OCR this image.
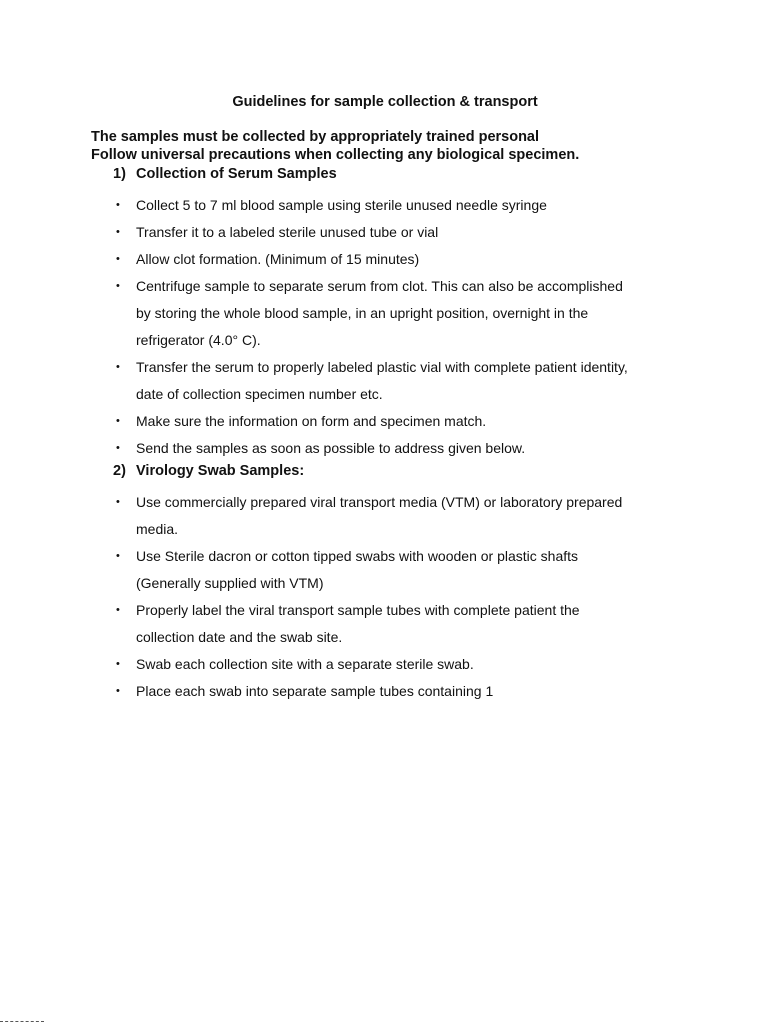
Guidelines for sample collection & transport

The samples must be collected by appropriately trained personal

Follow universal precautions when collecting any biological specimen.

1) Collection of Serum Samples
• Collect 5 to 7 ml blood sample using sterile unused needle syringe
• Transfer it to a labeled sterile unused tube or vial
• Allow clot formation. (Minimum of 15 minutes)
• Centrifuge sample to separate serum from clot. This can also be accomplished
by storing the whole blood sample, in an upright position, overnight in the
refrigerator (4.0° C).
• Transfer the serum to properly labeled plastic vial with complete patient identity,
date of collection specimen number etc.
• Make sure the information on form and specimen match.
• Send the samples as soon as possible to address given below.
2) Virology Swab Samples:
• Use commercially prepared viral transport media (VTM) or laboratory prepared
media.
• Use Sterile dacron or cotton tipped swabs with wooden or plastic shafts
(Generally supplied with VTM)
• Properly label the viral transport sample tubes with complete patient the
collection date and the swab site.
• Swab each collection site with a separate sterile swab.
• Place each swab into separate sample tubes containing 1
